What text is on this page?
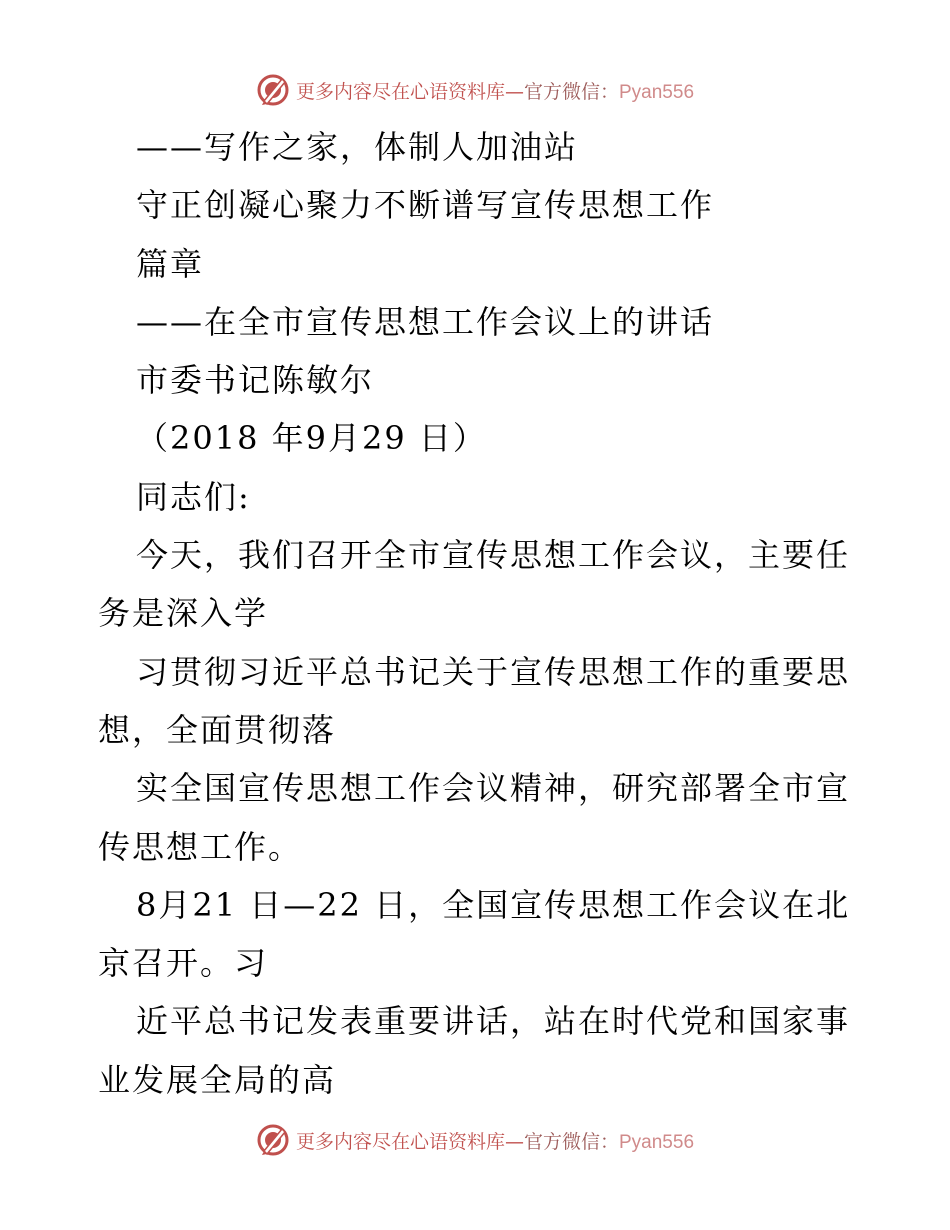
更多内容尽在心语资料库—官方微信：Pyan556
——写作之家，体制人加油站
守正创凝心聚力不断谱写宣传思想工作
篇章
——在全市宣传思想工作会议上的讲话
市委书记陈敏尔
（2018 年9月29 日）
同志们:
今天，我们召开全市宣传思想工作会议，主要任
务是深入学
习贯彻习近平总书记关于宣传思想工作的重要思
想，全面贯彻落
实全国宣传思想工作会议精神，研究部署全市宣
传思想工作。
8月21 日—22 日，全国宣传思想工作会议在北
京召开。习
近平总书记发表重要讲话，站在时代党和国家事
业发展全局的高
更多内容尽在心语资料库—官方微信：Pyan556
